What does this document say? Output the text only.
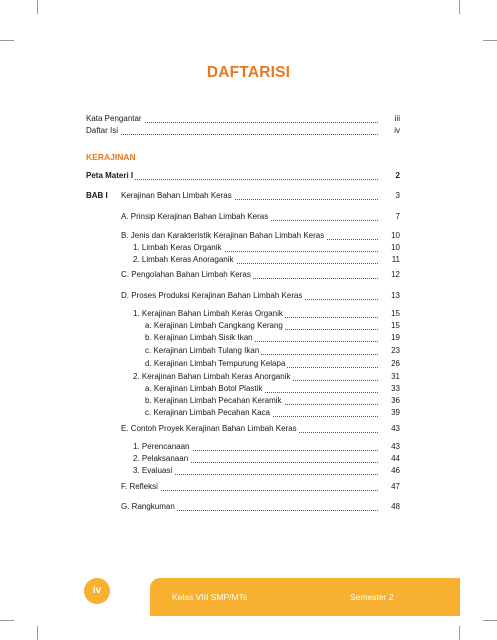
DAFTARISI
Kata Pengantar	iii
Daftar Isi	iv
KERAJINAN
Peta Materi I	2
BAB I Kerajinan Bahan Limbah Keras	3
A. Prinsip Kerajinan Bahan Limbah Keras	7
B. Jenis dan Karakteristik Kerajinan Bahan Limbah Keras	10
1. Limbah Keras Organik	10
2. Limbah Keras Anoraganik	11
C. Pengolahan Bahan Limbah Keras	12
D. Proses Produksi Kerajinan Bahan Limbah Keras	13
1. Kerajinan Bahan Limbah Keras Organik	15
a. Kerajinan Limbah Cangkang Kerang	15
b. Kerajinan Limbah Sisik Ikan	19
c. Kerajinan Limbah Tulang Ikan	23
d. Kerajinan Limbah Tempurung Kelapa	26
2. Kerajinan Bahan Limbah Keras Anorganik	31
a. Kerajinan Limbah Botol Plastik	33
b. Kerajinan Limbah Pecahan Keramik	36
c. Kerajinan Limbah Pecahan Kaca	39
E. Contoh Proyek Kerajinan Bahan Limbah Keras	43
1. Perencanaan	43
2. Pelaksanaan	44
3. Evaluasi	46
F. Refleksi	47
G. Rangkuman	48
iv
Kelas VIII SMP/MTs	Semester 2
